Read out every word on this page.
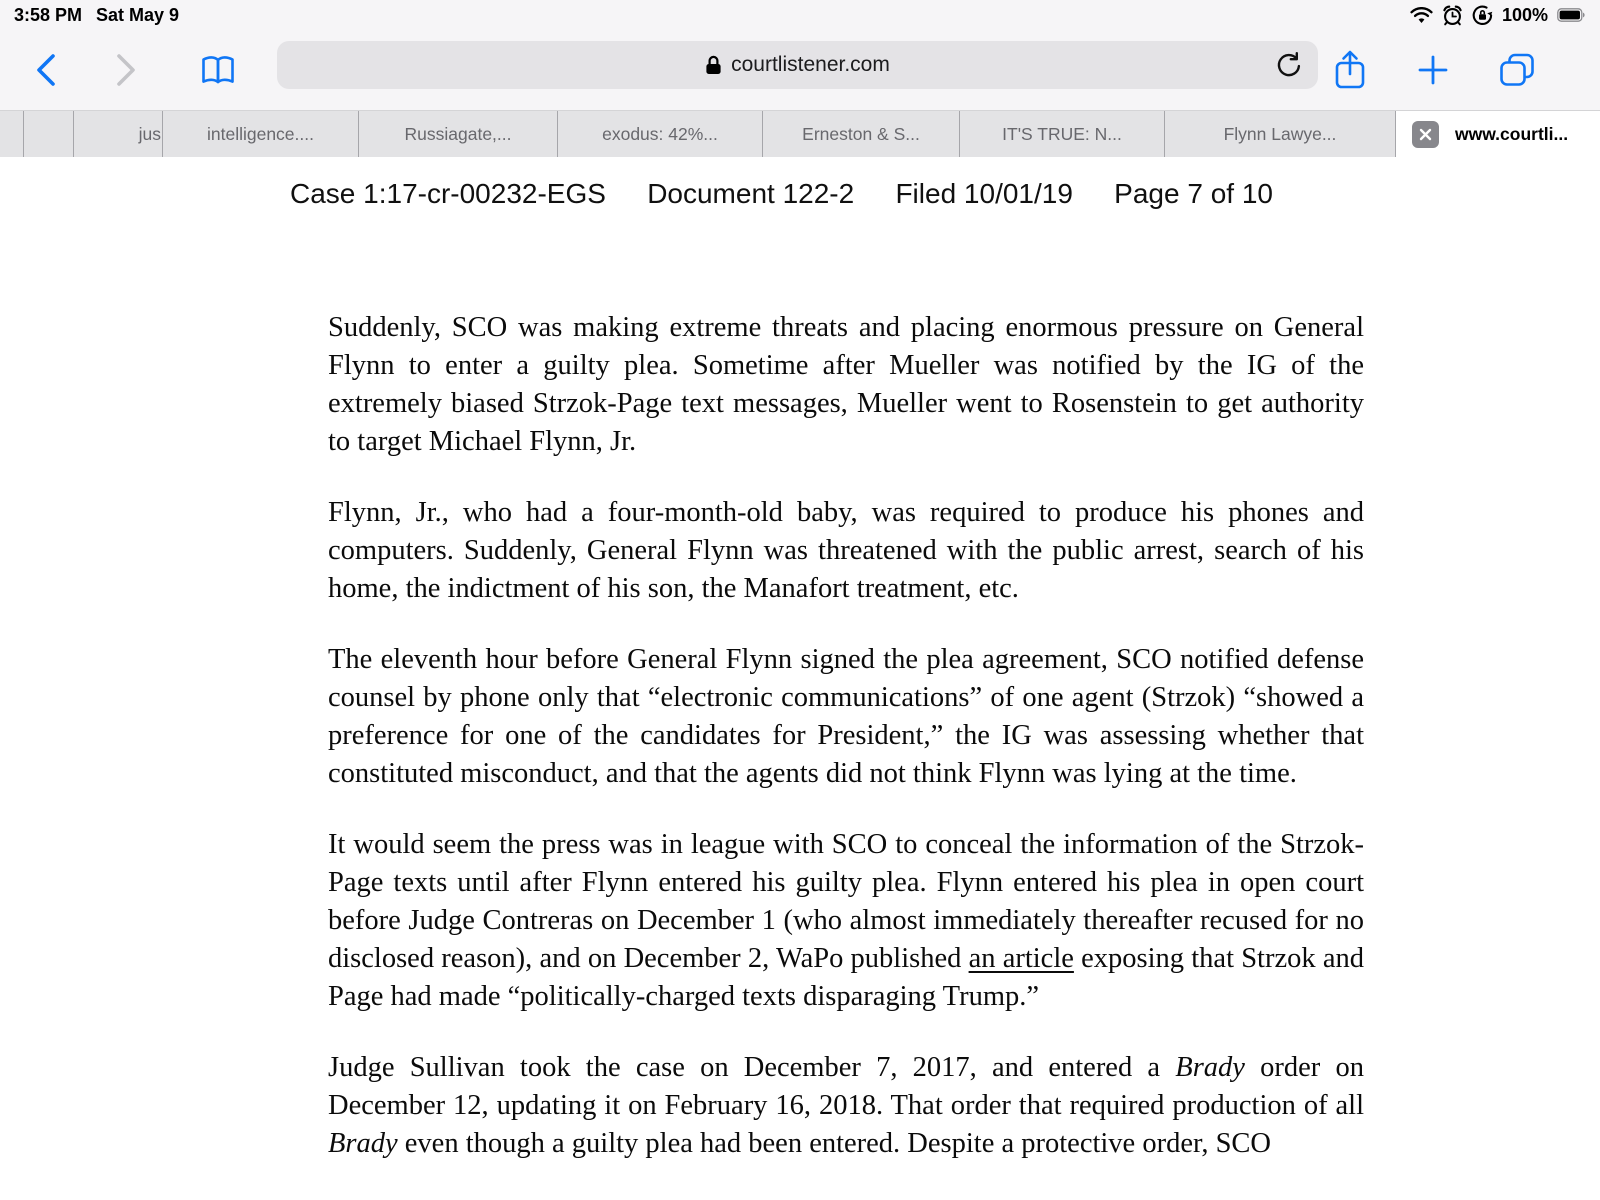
3:58 PM Sat May 9	100%
courtlistener.com
jus	intelligence....	Russiagate,...	exodus: 42%...	Erneston & S...	IT'S TRUE: N...	Flynn Lawye...	www.courtli...
Case 1:17-cr-00232-EGS Document 122-2 Filed 10/01/19 Page 7 of 10
Suddenly, SCO was making extreme threats and placing enormous pressure on General Flynn to enter a guilty plea. Sometime after Mueller was notified by the IG of the extremely biased Strzok-Page text messages, Mueller went to Rosenstein to get authority to target Michael Flynn, Jr.
Flynn, Jr., who had a four-month-old baby, was required to produce his phones and computers. Suddenly, General Flynn was threatened with the public arrest, search of his home, the indictment of his son, the Manafort treatment, etc.
The eleventh hour before General Flynn signed the plea agreement, SCO notified defense counsel by phone only that “electronic communications” of one agent (Strzok) “showed a preference for one of the candidates for President,” the IG was assessing whether that constituted misconduct, and that the agents did not think Flynn was lying at the time.
It would seem the press was in league with SCO to conceal the information of the Strzok-Page texts until after Flynn entered his guilty plea. Flynn entered his plea in open court before Judge Contreras on December 1 (who almost immediately thereafter recused for no disclosed reason), and on December 2, WaPo published an article exposing that Strzok and Page had made “politically-charged texts disparaging Trump.”
Judge Sullivan took the case on December 7, 2017, and entered a Brady order on December 12, updating it on February 16, 2018. That order that required production of all Brady even though a guilty plea had been entered. Despite a protective order, SCO
